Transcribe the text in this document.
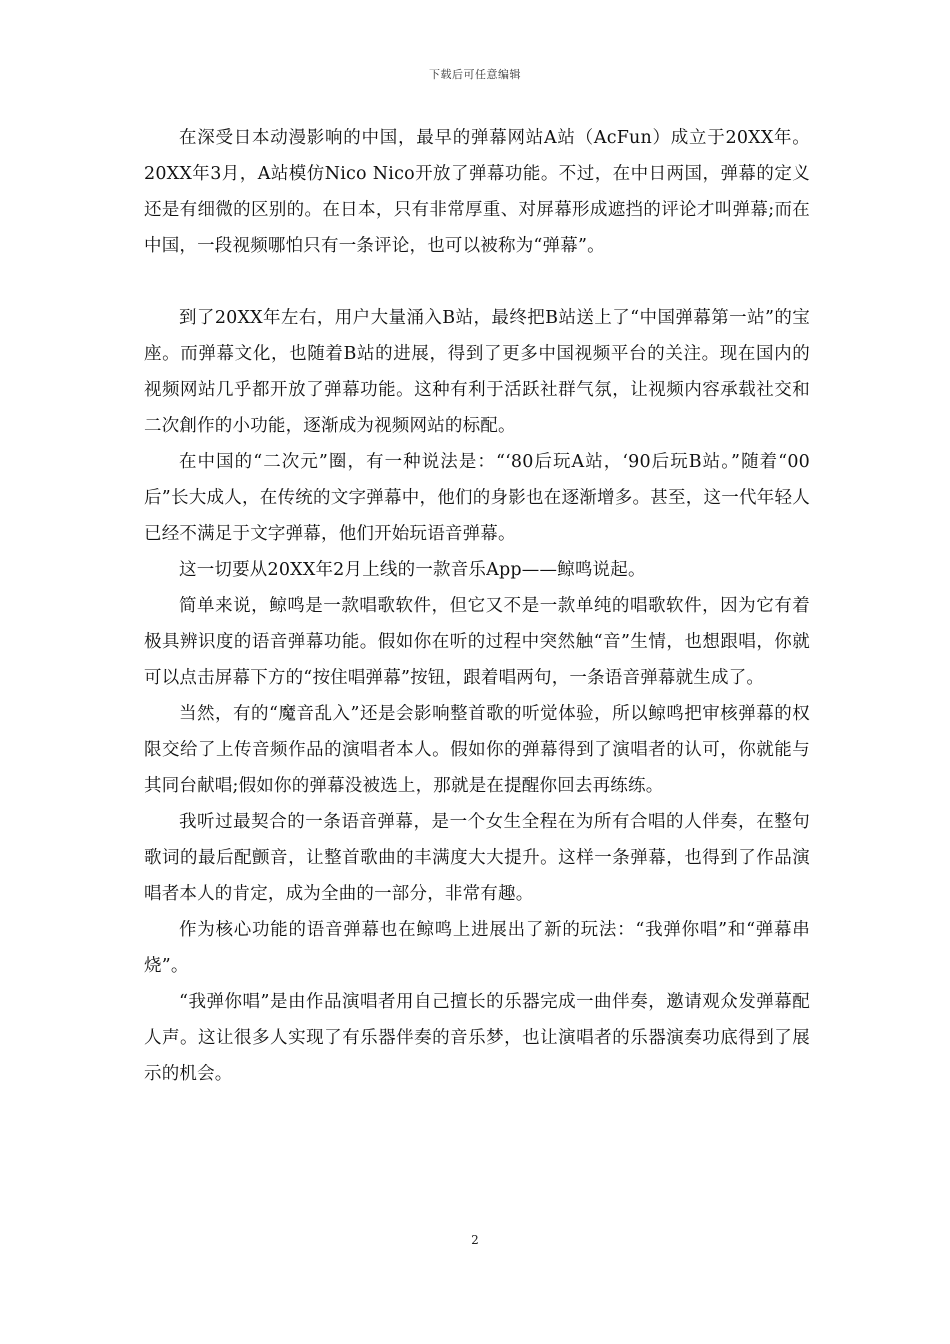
下载后可任意编辑

在深受日本动漫影响的中国，最早的弹幕网站A站（AcFun）成立于20XX年。20XX年3月，A站模仿Nico Nico开放了弹幕功能。不过，在中日两国，弹幕的定义还是有细微的区别的。在日本，只有非常厚重、对屏幕形成遮挡的评论才叫弹幕;而在中国，一段视频哪怕只有一条评论，也可以被称为“弹幕”。

到了20XX年左右，用户大量涌入B站，最终把B站送上了“中国弹幕第一站”的宝座。而弹幕文化，也随着B站的进展，得到了更多中国视频平台的关注。现在国内的视频网站几乎都开放了弹幕功能。这种有利于活跃社群气氛，让视频内容承载社交和二次創作的小功能，逐渐成为视频网站的标配。

在中国的“二次元”圈，有一种说法是：“‘80后玩A站，‘90后玩B站。”随着“00后”长大成人，在传统的文字弹幕中，他们的身影也在逐渐增多。甚至，这一代年轻人已经不满足于文字弹幕，他们开始玩语音弹幕。

这一切要从20XX年2月上线的一款音乐App——鲸鸣说起。

简单来说，鲸鸣是一款唱歌软件，但它又不是一款单纯的唱歌软件，因为它有着极具辨识度的语音弹幕功能。假如你在听的过程中突然触“音”生情，也想跟唱，你就可以点击屏幕下方的“按住唱弹幕”按钮，跟着唱两句，一条语音弹幕就生成了。

当然，有的“魔音乱入”还是会影响整首歌的听觉体验，所以鲸鸣把审核弹幕的权限交给了上传音频作品的演唱者本人。假如你的弹幕得到了演唱者的认可，你就能与其同台献唱;假如你的弹幕没被选上，那就是在提醒你回去再练练。

我听过最契合的一条语音弹幕，是一个女生全程在为所有合唱的人伴奏，在整句歌词的最后配颤音，让整首歌曲的丰满度大大提升。这样一条弹幕，也得到了作品演唱者本人的肯定，成为全曲的一部分，非常有趣。

作为核心功能的语音弹幕也在鲸鸣上进展出了新的玩法：“我弹你唱”和“弹幕串烧”。

“我弹你唱”是由作品演唱者用自己擅长的乐器完成一曲伴奏，邀请观众发弹幕配人声。这让很多人实现了有乐器伴奏的音乐梦，也让演唱者的乐器演奏功底得到了展示的机会。

2
